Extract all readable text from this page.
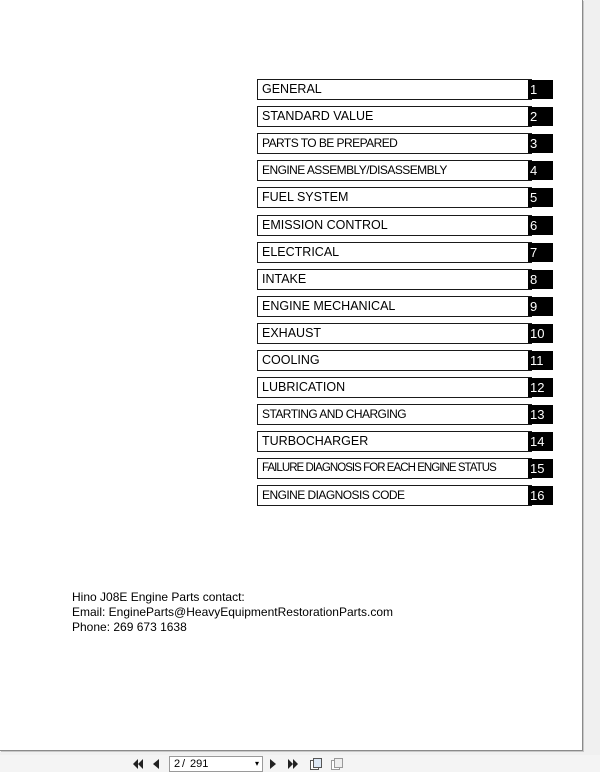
GENERAL	1
STANDARD VALUE	2
PARTS TO BE PREPARED	3
ENGINE ASSEMBLY/DISASSEMBLY	4
FUEL SYSTEM	5
EMISSION CONTROL	6
ELECTRICAL	7
INTAKE	8
ENGINE MECHANICAL	9
EXHAUST	10
COOLING	11
LUBRICATION	12
STARTING AND CHARGING	13
TURBOCHARGER	14
FAILURE DIAGNOSIS FOR EACH ENGINE STATUS	15
ENGINE DIAGNOSIS CODE	16
Hino J08E Engine Parts contact:
Email: EngineParts@HeavyEquipmentRestorationParts.com
Phone: 269 673 1638
2 / 291	▾
